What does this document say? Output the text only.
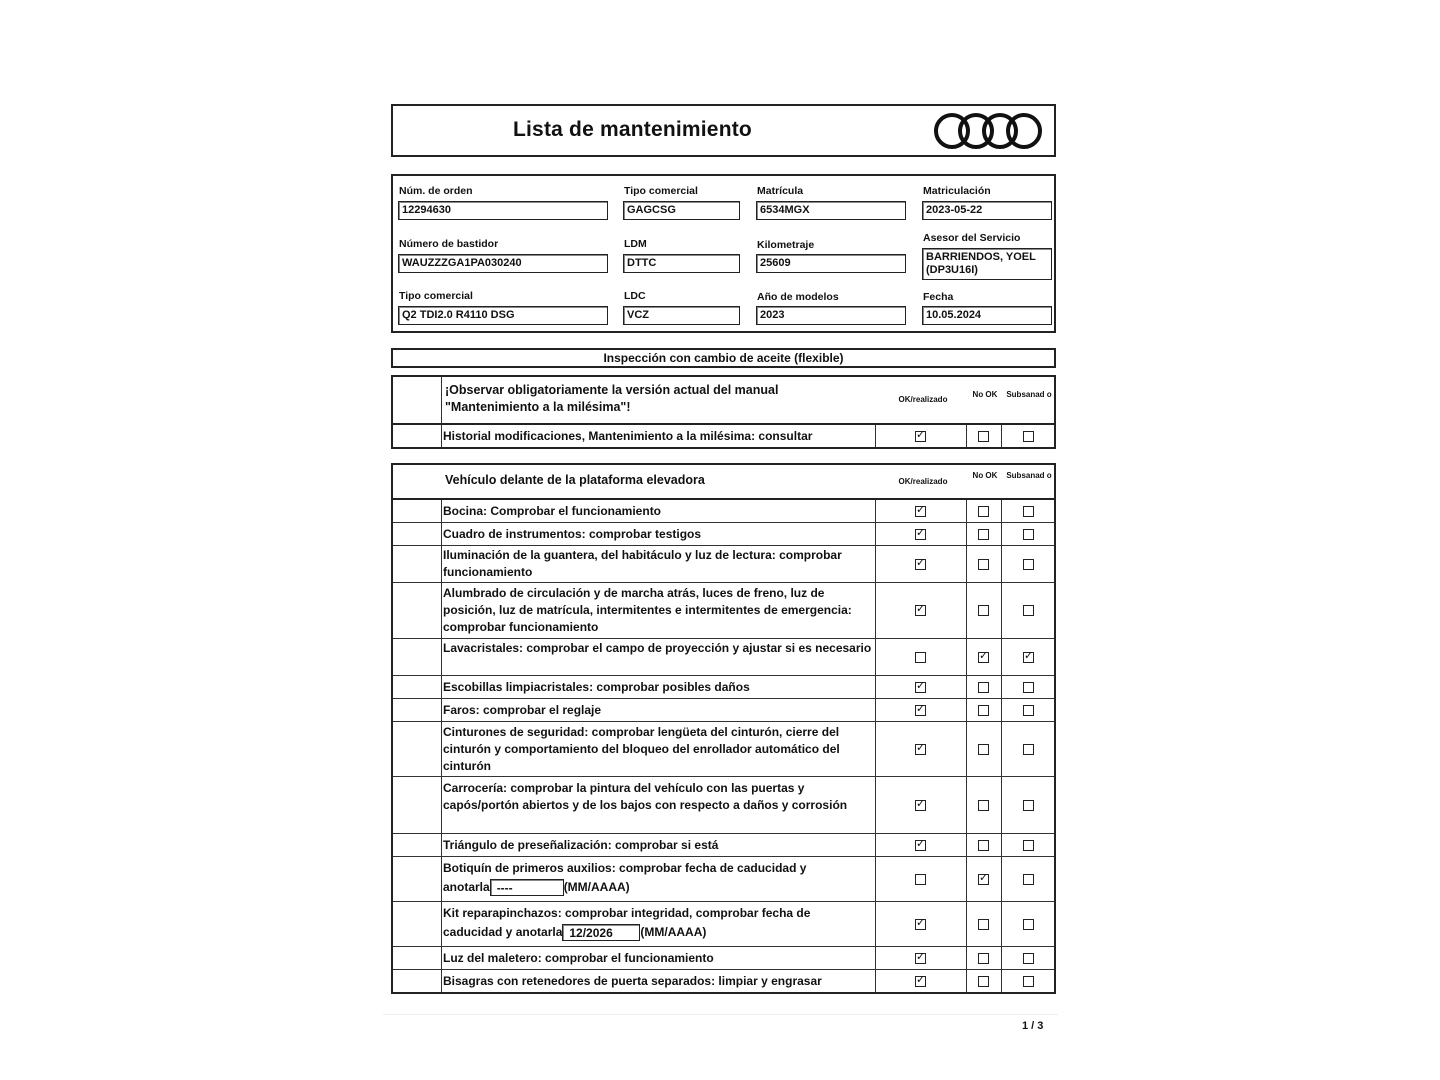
Lista de mantenimiento
Núm. de orden
12294630
Tipo comercial
GAGCSG
Matrícula
6534MGX
Matriculación
2023-05-22
Número de bastidor
WAUZZZGA1PA030240
LDM
DTTC
Kilometraje
25609
Asesor del Servicio
BARRIENDOS, YOEL (DP3U16I)
Tipo comercial
Q2 TDI2.0 R4110 DSG
LDC
VCZ
Año de modelos
2023
Fecha
10.05.2024
Inspección con cambio de aceite (flexible)
¡Observar obligatoriamente la versión actual del manual "Mantenimiento a la milésima"!
OK/realizado
No OK Subsanad o
Historial modificaciones, Mantenimiento a la milésima: consultar
✓
Vehículo delante de la plataforma elevadora	OK/realizado
No OK Subsanad o
Bocina: Comprobar el funcionamiento
✓
Cuadro de instrumentos: comprobar testigos
✓
Iluminación de la guantera, del habitáculo y luz de lectura: comprobar funcionamiento
✓
Alumbrado de circulación y de marcha atrás, luces de freno, luz de posición, luz de matrícula, intermitentes e intermitentes de emergencia: comprobar funcionamiento
✓
Lavacristales: comprobar el campo de proyección y ajustar si es necesario
✓
✓
Escobillas limpiacristales: comprobar posibles daños
✓
Faros: comprobar el reglaje
✓
Cinturones de seguridad: comprobar lengüeta del cinturón, cierre del cinturón y comportamiento del bloqueo del enrollador automático del cinturón
✓
Carrocería: comprobar la pintura del vehículo con las puertas y capós/portón abiertos y de los bajos con respecto a daños y corrosión
✓
Triángulo de preseñalización: comprobar si está
✓
Botiquín de primeros auxilios: comprobar fecha de caducidad y
anotarla ----	(MM/AAAA)
✓
Kit reparapinchazos: comprobar integridad, comprobar fecha de
caducidad y anotarla 12/2026 (MM/AAAA)
✓
Luz del maletero: comprobar el funcionamiento
✓
Bisagras con retenedores de puerta separados: limpiar y engrasar
✓
1 / 3
